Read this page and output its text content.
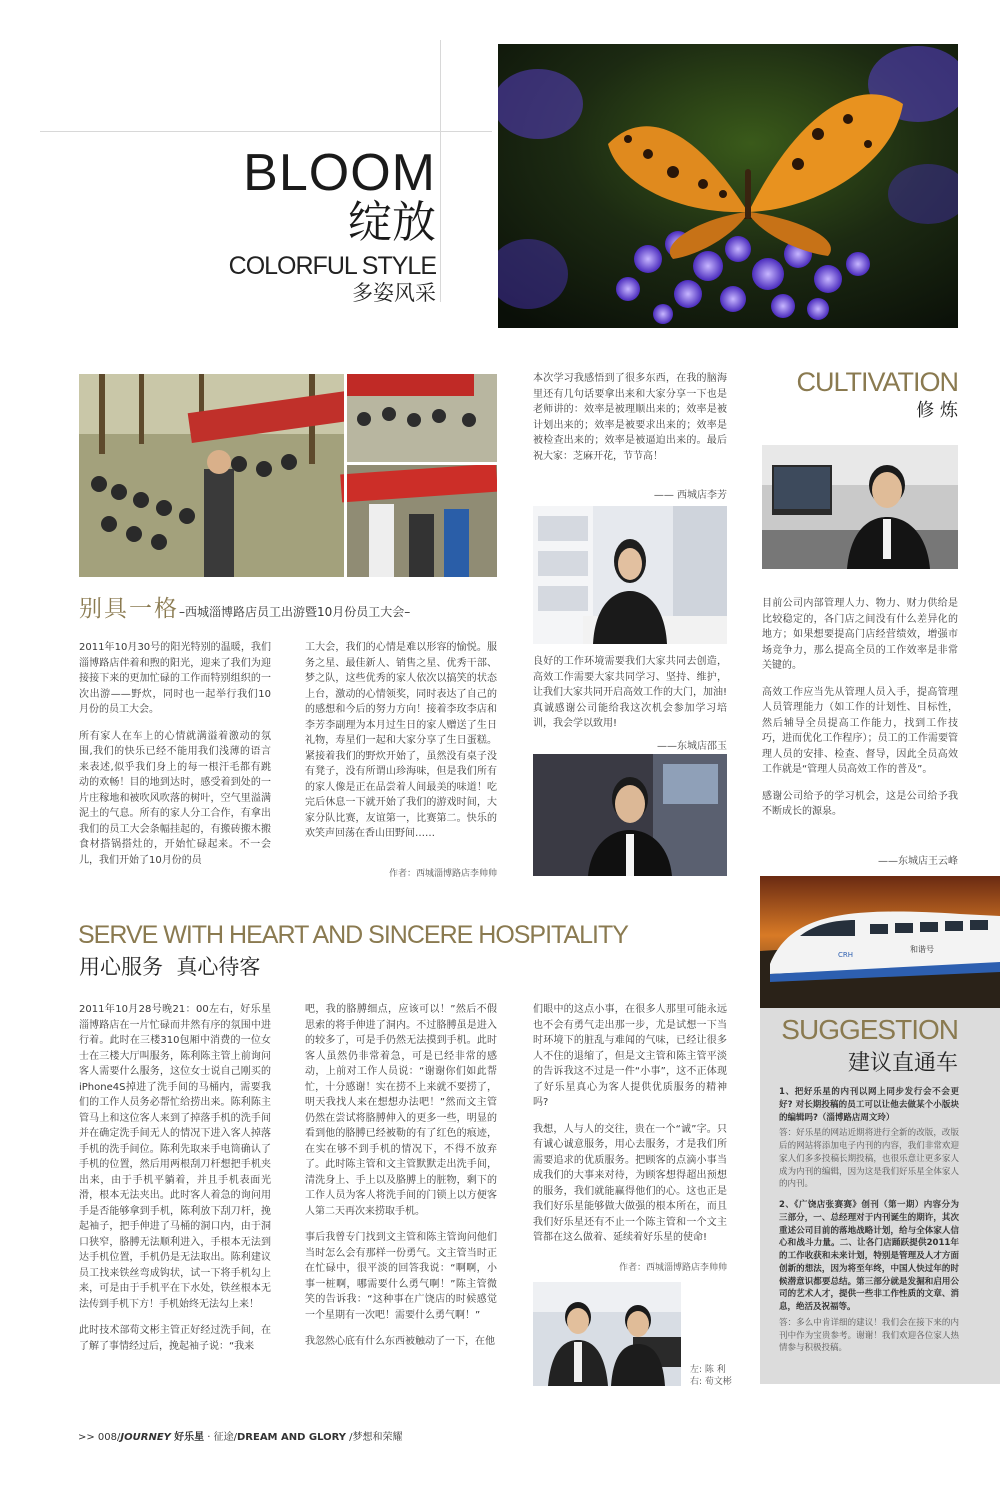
BLOOM
绽放
COLORFUL STYLE
多姿风采
别具一格–西城淄博路店员工出游暨10月份员工大会–

2011年10月30号的阳光特别的温暖，我们淄博路店伴着和煦的阳光，迎来了我们为迎接接下来的更加忙碌的工作而特别组织的一次出游——野炊，同时也一起举行我们10月份的员工大会。

所有家人在车上的心情就满溢着激动的氛围,我们的快乐已经不能用我们浅薄的语言来表述,似乎我们身上的每一根汗毛都有跳动的欢畅！目的地到达时，感受着到处的一片庄稼地和被吹风吹落的树叶，空气里溢满泥土的气息。所有的家人分工合作，有拿出我们的员工大会条幅挂起的，有搬砖搬木搬食材搭锅搭灶的，开始忙碌起来。不一会儿，我们开始了10月份的员

工大会，我们的心情是难以形容的愉悦。服务之星、最佳新人、销售之星、优秀干部、梦之队，这些优秀的家人依次以搞笑的状态上台，激动的心情领奖，同时表达了自己的的感想和今后的努力方向！接着李玫李店和李芳李副理为本月过生日的家人赠送了生日礼物，寿星们一起和大家分享了生日蛋糕。紧接着我们的野炊开始了，虽然没有桌子没有凳子，没有所谓山珍海味，但是我们所有的家人像是正在品尝着人间最美的味道！吃完后休息一下就开始了我们的游戏时间，大家分队比赛，友谊第一，比赛第二。快乐的欢笑声回荡在香山田野间……

作者：西城淄博路店李帅帅
本次学习我感悟到了很多东西，在我的脑海里还有几句话要拿出来和大家分享一下也是老师讲的：效率是被理顺出来的；效率是被计划出来的；效率是被要求出来的；效率是被检查出来的；效率是被逼迫出来的。最后祝大家：芝麻开花，节节高！
—— 西城店李芳
良好的工作环境需要我们大家共同去创造，高效工作需要大家共同学习、坚持、维护，让我们大家共同开启高效工作的大门，加油! 真诚感谢公司能给我这次机会参加学习培训，我会学以致用!
——东城店邵玉
CULTIVATION
修 炼

目前公司内部管理人力、物力、财力供给是比较稳定的，各门店之间没有什么差异化的地方；如果想要提高门店经营绩效，增强市场竞争力，那么提高全员的工作效率是非常关键的。

高效工作应当先从管理人员入手，提高管理人员管理能力（如工作的计划性、目标性，然后辅导全员提高工作能力，找到工作技巧，进而优化工作程序）；员工的工作需要管理人员的安排、检查、督导，因此全员高效工作就是“管理人员高效工作的普及”。

感谢公司给予的学习机会，这是公司给予我不断成长的源泉。

——东城店王云峰
CRH
和谐号
SUGGESTION
建议直通车

1、把好乐星的内刊以网上同步发行会不会更好? 对长期投稿的员工可以让他去做某个小版块的编辑吗?（淄博路店周文玲）

答：好乐星的网站近期将进行全新的改版，改版后的网站将添加电子内刊的内容，我们非常欢迎家人们多多投稿长期投稿，也很乐意让更多家人成为内刊的编辑，因为这是我们好乐星全体家人的内刊。

2、《广饶店张赛赛》创刊（第一期）内容分为三部分，一、总经理对于内刊诞生的期许，其次重述公司目前的落地战略计划，给与全体家人信心和战斗力量。二、让各门店踊跃提供2011年的工作收获和未来计划，特别是管理及人才方面创新的想法，因为将至年终，中国人快过年的时候潜意识都要总结。第三部分就是发掘和启用公司的艺术人才，提供一些非工作性质的文章、消息，绝活及祝福等。

答：多么中肯详细的建议！我们会在接下来的内刊中作为宝贵参考。谢谢！我们欢迎各位家人热情参与积极投稿。

SERVE WITH HEART AND SINCERE HOSPITALITY
用心服务  真心待客

2011年10月28号晚21：00左右，好乐星淄博路店在一片忙碌而井然有序的氛围中进行着。此时在三楼310包厢中消费的一位女士在三楼大厅叫服务，陈利陈主管上前询问客人需要什么服务，这位女士说自己刚买的iPhone4S掉进了洗手间的马桶内，需要我们的工作人员务必帮忙给捞出来。陈利陈主管马上和这位客人来到了掉落手机的洗手间并在确定洗手间无人的情况下进入客人掉落手机的洗手间位。陈利先取来手电筒确认了手机的位置，然后用两根刮刀杆想把手机夹出来，由于手机平躺着，并且手机表面光滑，根本无法夹出。此时客人着急的询问用手是否能够拿到手机，陈利放下刮刀杆，挽起袖子，把手伸进了马桶的洞口内，由于洞口狭窄，胳膊无法顺利进入，手根本无法到达手机位置，手机仍是无法取出。陈利建议员工找来铁丝弯成钩状，试一下将手机勾上来，可是由于手机平在下水处，铁丝根本无法传到手机下方！手机始终无法勾上来！

此时技术部荀文彬主管正好经过洗手间，在了解了事情经过后，挽起袖子说：“我来

吧，我的胳膊细点，应该可以！”然后不假思索的将手伸进了洞内。不过胳膊虽是进入的较多了，可是手仍然无法摸到手机。此时客人虽然仍非常着急，可是已经非常的感动，上前对工作人员说：“谢谢你们如此帮忙，十分感谢！实在捞不上来就不要捞了，明天我找人来在想想办法吧！”然而文主管仍然在尝试将胳膊伸入的更多一些，明显的看到他的胳膊已经被勒的有了红色的痕迹，在实在够不到手机的情况下，不得不放弃了。此时陈主管和文主管默默走出洗手间，清洗身上、手上以及胳膊上的脏物，剩下的工作人员为客人将洗手间的门锁上以方便客人第二天再次来捞取手机。

事后我曾专门找到文主管和陈主管询问他们当时怎么会有那样一份勇气。文主管当时正在忙碌中，很平淡的回答我说：“啊啊，小事一桩啊，哪需要什么勇气啊！”陈主管微笑的告诉我：“这种事在广饶店的时候感觉一个星期有一次吧！需要什么勇气啊！”

我忽然心底有什么东西被触动了一下，在他

们眼中的这点小事，在很多人那里可能永远也不会有勇气走出那一步，尤是试想一下当时环境下的脏乱与难闻的气味，已经让很多人不住的退缩了，但是文主管和陈主管平淡的告诉我这不过是一件“小事”，这不正体现了好乐星真心为客人提供优质服务的精神吗?

我想，人与人的交往，贵在一个“诚”字。只有诚心诚意服务，用心去服务，才是我们所需要追求的优质服务。把顾客的点滴小事当成我们的大事来对待，为顾客想得超出预想的服务，我们就能赢得他们的心。这也正是我们好乐星能够做大做强的根本所在，而且我们好乐星还有不止一个陈主管和一个文主管都在这么做着、延续着好乐星的使命!

作者：西城淄博路店李帅帅
左: 陈 利
右: 荀文彬
>> 008/JOURNEY 好乐星 · 征途/DREAM AND GLORY /梦想和荣耀
